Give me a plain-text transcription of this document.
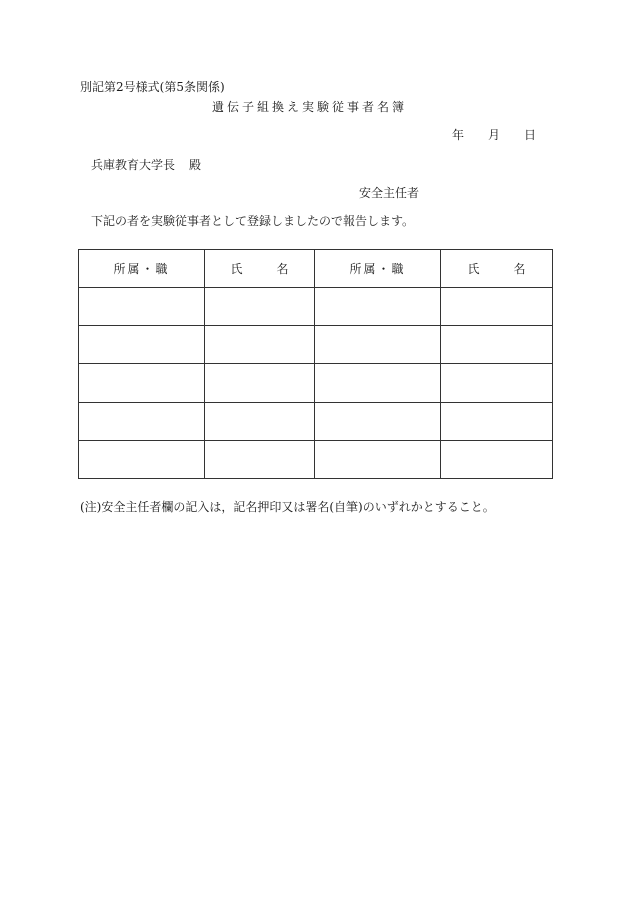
別記第2号様式(第5条関係)
遺伝子組換え実験従事者名簿
年 月 日
兵庫教育大学長 殿
安全主任者
下記の者を実験従事者として登録しましたので報告します。
所属・職	氏 名	所属・職	氏 名

(注)安全主任者欄の記入は，記名押印又は署名(自筆)のいずれかとすること。
